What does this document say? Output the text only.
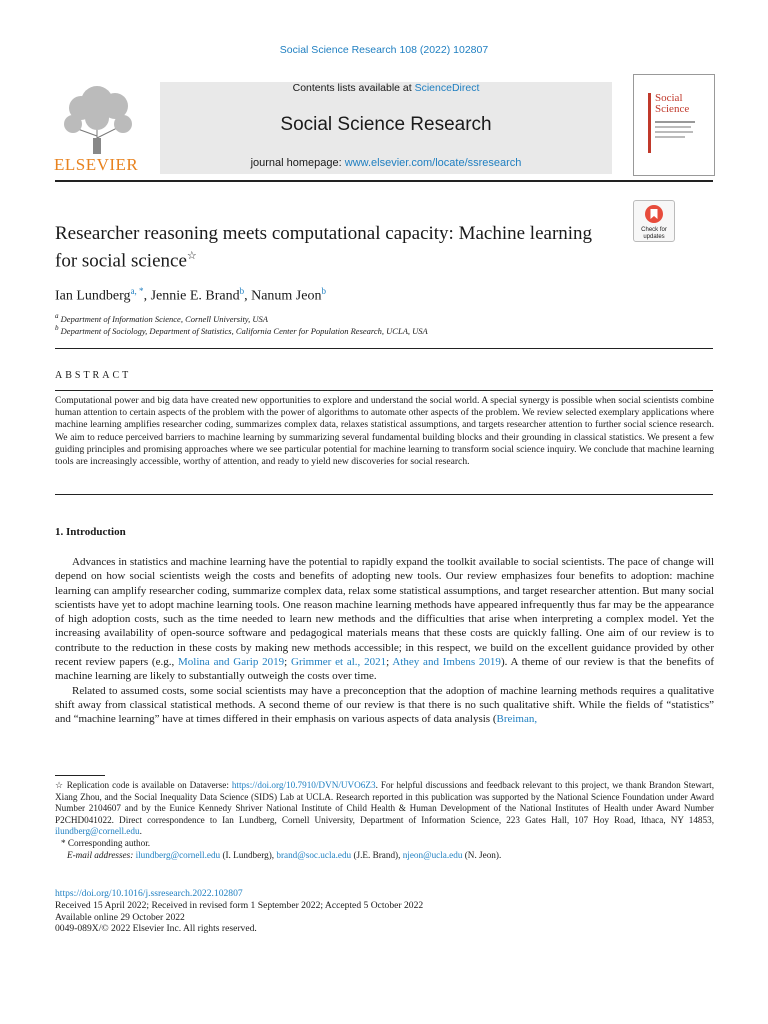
Social Science Research 108 (2022) 102807
ELSEVIER
Contents lists available at ScienceDirect
Social Science Research
journal homepage: www.elsevier.com/locate/ssresearch
Social Science
Check for
updates
Researcher reasoning meets computational capacity: Machine learning for social science☆
Ian Lundberg$^{a, *}$, Jennie E. Brand$^b$, Nanum Jeon$^b$
$^a$ Department of Information Science, Cornell University, USA
$^b$ Department of Sociology, Department of Statistics, California Center for Population Research, UCLA, USA
ABSTRACT
Computational power and big data have created new opportunities to explore and understand the social world. A special synergy is possible when social scientists combine human attention to certain aspects of the problem with the power of algorithms to automate other aspects of the problem. We review selected exemplary applications where machine learning amplifies researcher coding, summarizes complex data, relaxes statistical assumptions, and targets researcher attention to further social science research. We aim to reduce perceived barriers to machine learning by summarizing several fundamental building blocks and their grounding in classical statistics. We present a few guiding principles and promising approaches where we see particular potential for machine learning to transform social science inquiry. We conclude that machine learning tools are increasingly accessible, worthy of attention, and ready to yield new discoveries for social research.
1. Introduction

Advances in statistics and machine learning have the potential to rapidly expand the toolkit available to social scientists. The pace of change will depend on how social scientists weigh the costs and benefits of adopting new tools. Our review emphasizes four benefits to adoption: machine learning can amplify researcher coding, summarize complex data, relax some statistical assumptions, and target researcher attention. But many social scientists have yet to adopt machine learning tools. One reason machine learning methods have appeared infrequently thus far may be the appearance of high adoption costs, such as the time needed to learn new methods and the difficulties that arise when interpreting a complex model. Yet the increasing availability of open-source software and pedagogical materials means that these costs are quickly falling. One aim of our review is to contribute to the reduction in these costs by making new methods accessible; in this respect, we build on the excellent guidance provided by other recent review papers (e.g., Molina and Garip 2019; Grimmer et al., 2021; Athey and Imbens 2019). A theme of our review is that the benefits of machine learning are likely to substantially outweigh the costs over time.

Related to assumed costs, some social scientists may have a preconception that the adoption of machine learning methods requires a qualitative shift away from classical statistical methods. A second theme of our review is that there is no such qualitative shift. While the fields of “statistics” and “machine learning” have at times differed in their emphasis on various aspects of data analysis (Breiman,

☆ Replication code is available on Dataverse: https://doi.org/10.7910/DVN/UVO6Z3. For helpful discussions and feedback relevant to this project, we thank Brandon Stewart, Xiang Zhou, and the Social Inequality Data Science (SIDS) Lab at UCLA. Research reported in this publication was supported by the National Science Foundation under Award Number 2104607 and by the Eunice Kennedy Shriver National Institute of Child Health & Human Development of the National Institutes of Health under Award Number P2CHD041022. Direct correspondence to Ian Lundberg, Cornell University, Department of Information Science, 223 Gates Hall, 107 Hoy Road, Ithaca, NY 14853, ilundberg@cornell.edu.

* Corresponding author.

E-mail addresses: ilundberg@cornell.edu (I. Lundberg), brand@soc.ucla.edu (J.E. Brand), njeon@ucla.edu (N. Jeon).

https://doi.org/10.1016/j.ssresearch.2022.102807
Received 15 April 2022; Received in revised form 1 September 2022; Accepted 5 October 2022
Available online 29 October 2022
0049-089X/© 2022 Elsevier Inc. All rights reserved.
